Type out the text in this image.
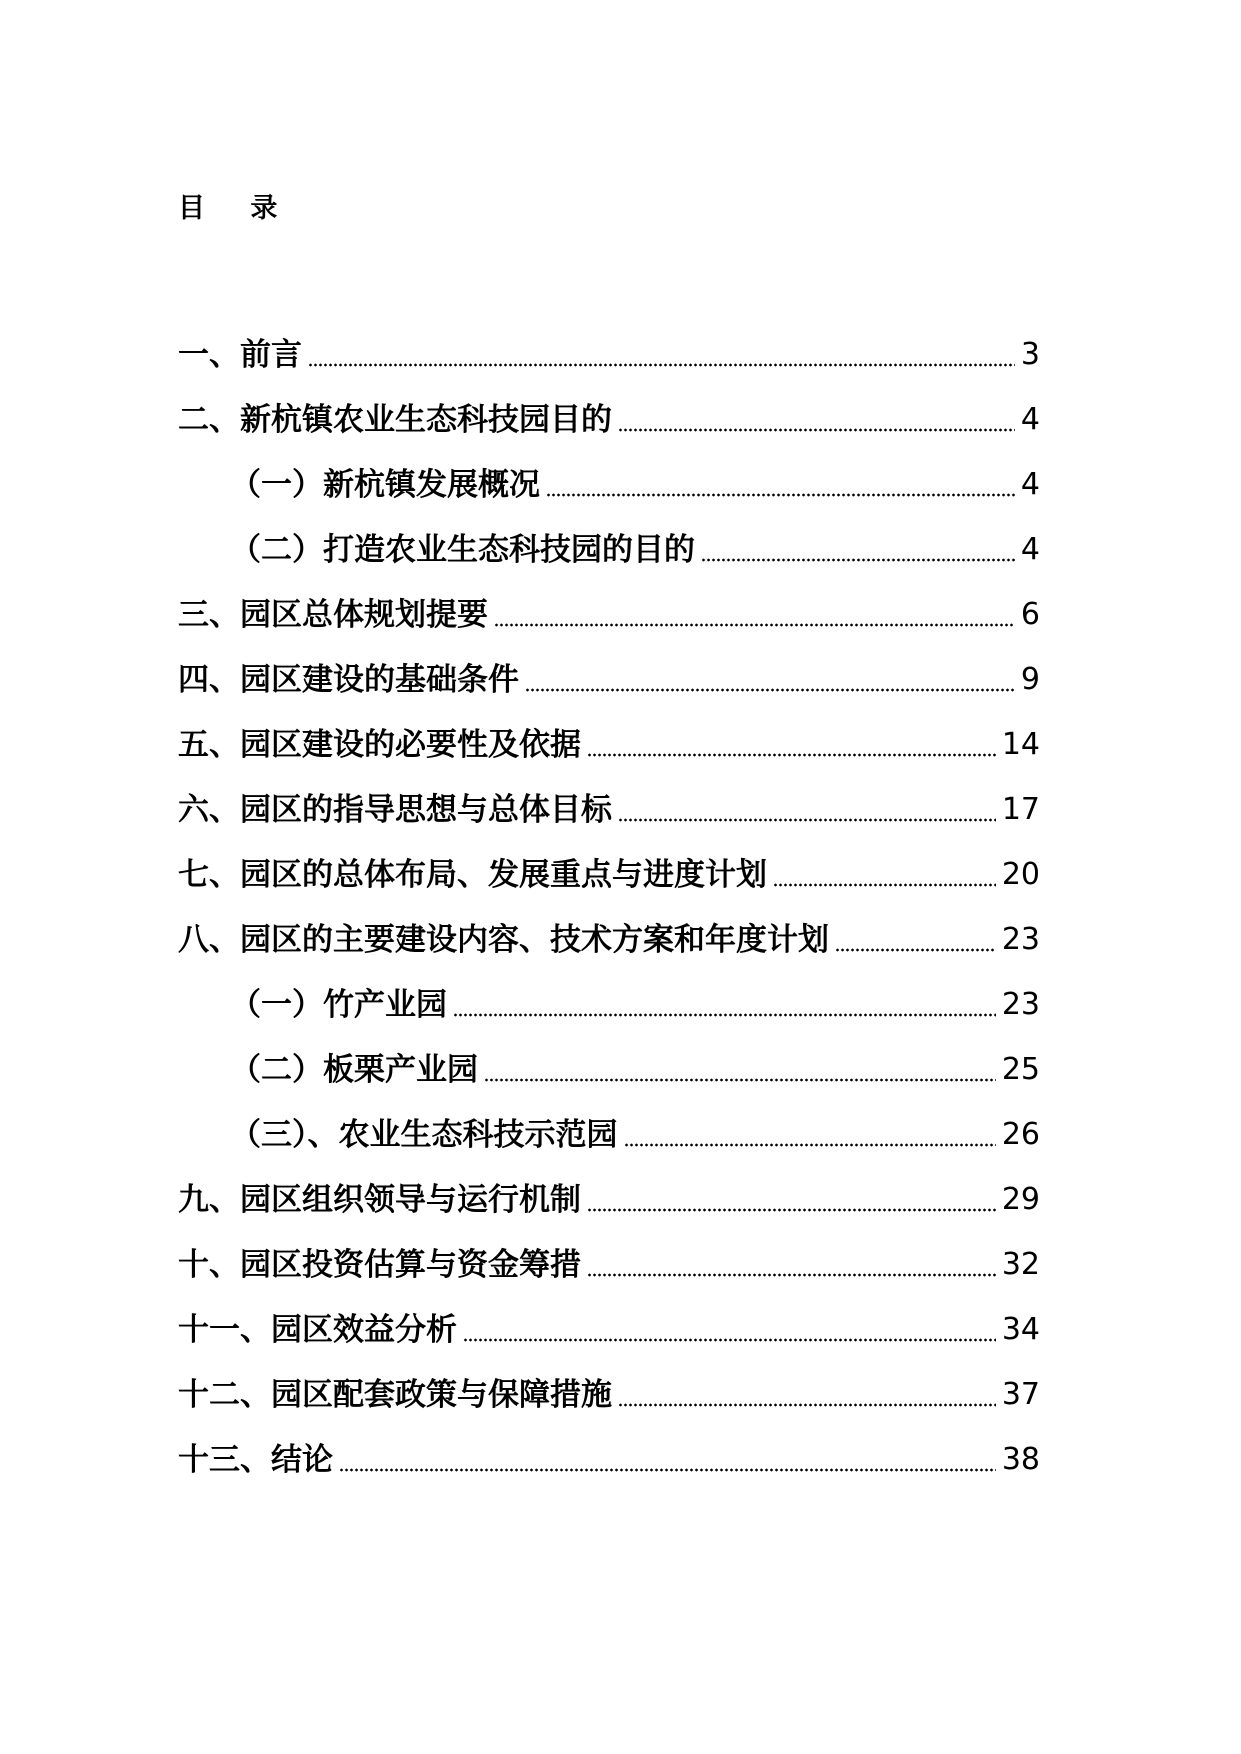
目 录
一、前言	3
二、新杭镇农业生态科技园目的	4
（一）新杭镇发展概况	4
（二）打造农业生态科技园的目的	4
三、园区总体规划提要	6
四、园区建设的基础条件	9
五、园区建设的必要性及依据	14
六、园区的指导思想与总体目标	17
七、园区的总体布局、发展重点与进度计划	20
八、园区的主要建设内容、技术方案和年度计划	23
（一）竹产业园	23
（二）板栗产业园	25
（三）、农业生态科技示范园	26
九、园区组织领导与运行机制	29
十、园区投资估算与资金筹措	32
十一、园区效益分析	34
十二、园区配套政策与保障措施	37
十三、结论	38
